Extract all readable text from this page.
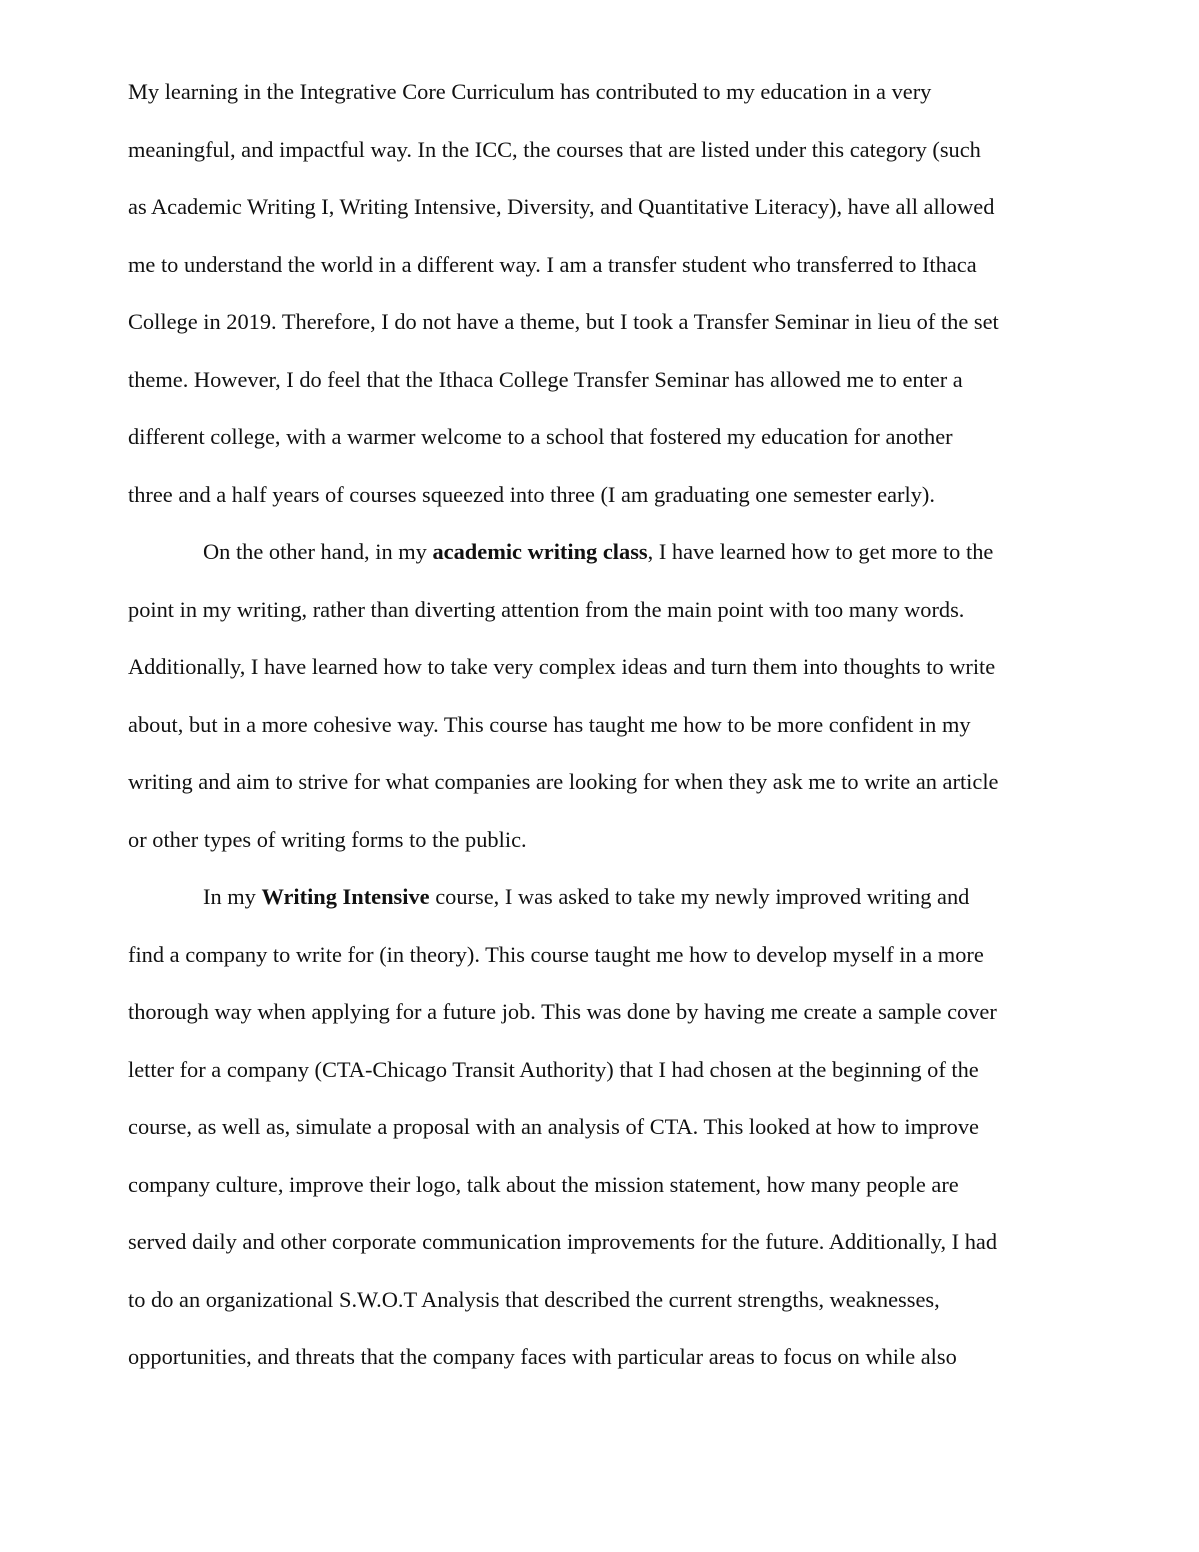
My learning in the Integrative Core Curriculum has contributed to my education in a very
meaningful, and impactful way. In the ICC, the courses that are listed under this category (such
as Academic Writing I, Writing Intensive, Diversity, and Quantitative Literacy), have all allowed
me to understand the world in a different way. I am a transfer student who transferred to Ithaca
College in 2019. Therefore, I do not have a theme, but I took a Transfer Seminar in lieu of the set
theme. However, I do feel that the Ithaca College Transfer Seminar has allowed me to enter a
different college, with a warmer welcome to a school that fostered my education for another
three and a half years of courses squeezed into three (I am graduating one semester early).
On the other hand, in my academic writing class, I have learned how to get more to the
point in my writing, rather than diverting attention from the main point with too many words.
Additionally, I have learned how to take very complex ideas and turn them into thoughts to write
about, but in a more cohesive way. This course has taught me how to be more confident in my
writing and aim to strive for what companies are looking for when they ask me to write an article
or other types of writing forms to the public.
In my Writing Intensive course, I was asked to take my newly improved writing and
find a company to write for (in theory). This course taught me how to develop myself in a more
thorough way when applying for a future job. This was done by having me create a sample cover
letter for a company (CTA-Chicago Transit Authority) that I had chosen at the beginning of the
course, as well as, simulate a proposal with an analysis of CTA. This looked at how to improve
company culture, improve their logo, talk about the mission statement, how many people are
served daily and other corporate communication improvements for the future. Additionally, I had
to do an organizational S.W.O.T Analysis that described the current strengths, weaknesses,
opportunities, and threats that the company faces with particular areas to focus on while also
